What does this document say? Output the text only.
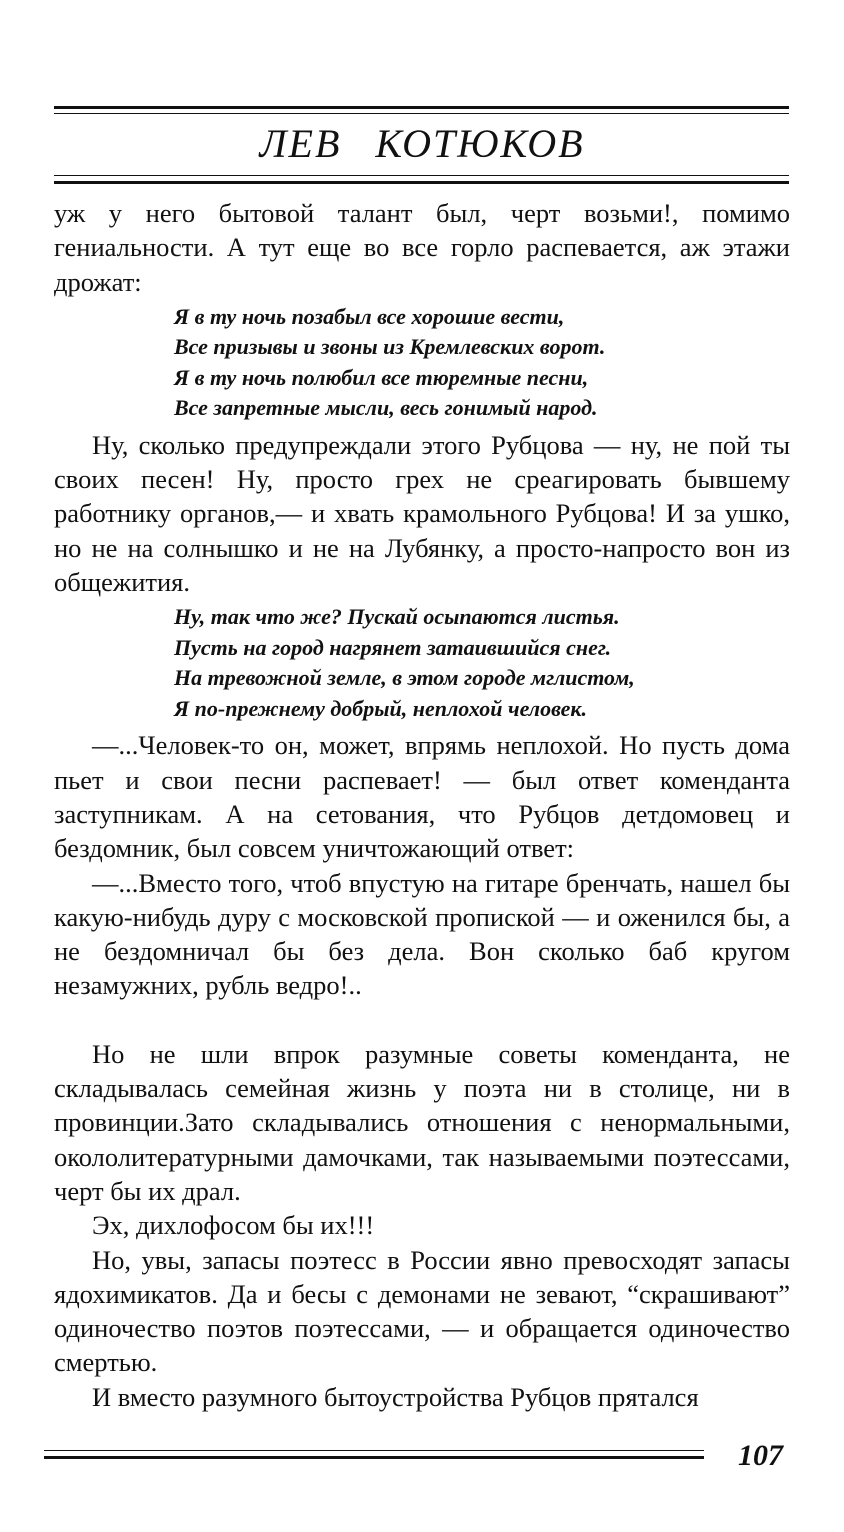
ЛЕВ КОТЮКОВ

уж у него бытовой талант был, черт возьми!, помимо гениальности. А тут еще во все горло распевается, аж этажи дрожат:

Я в ту ночь позабыл все хорошие вести,
Все призывы и звоны из Кремлевских ворот.
Я в ту ночь полюбил все тюремные песни,
Все запретные мысли, весь гонимый народ.

Ну, сколько предупреждали этого Рубцова — ну, не пой ты своих песен! Ну, просто грех не среагировать бывшему работнику органов,— и хвать крамольного Рубцова! И за ушко, но не на солнышко и не на Лубянку, а просто-напросто вон из общежития.

Ну, так что же? Пускай осыпаются листья.
Пусть на город нагрянет затаившийся снег.
На тревожной земле, в этом городе мглистом,
Я по-прежнему добрый, неплохой человек.

—...Человек-то он, может, впрямь неплохой. Но пусть дома пьет и свои песни распевает! — был ответ коменданта заступникам. А на сетования, что Рубцов детдомовец и бездомник, был совсем уничтожающий ответ:

—...Вместо того, чтоб впустую на гитаре бренчать, нашел бы какую-нибудь дуру с московской пропиской — и оженился бы, а не бездомничал бы без дела. Вон сколько баб кругом незамужних, рубль ведро!..

Но не шли впрок разумные советы коменданта, не складывалась семейная жизнь у поэта ни в столице, ни в провинции.Зато складывались отношения с ненормальными, окололитературными дамочками, так называемыми поэтессами, черт бы их драл.

Эх, дихлофосом бы их!!!

Но, увы, запасы поэтесс в России явно превосходят запасы ядохимикатов. Да и бесы с демонами не зевают, “скрашивают” одиночество поэтов поэтессами, — и обращается одиночество смертью.

И вместо разумного бытоустройства Рубцов прятался

107
